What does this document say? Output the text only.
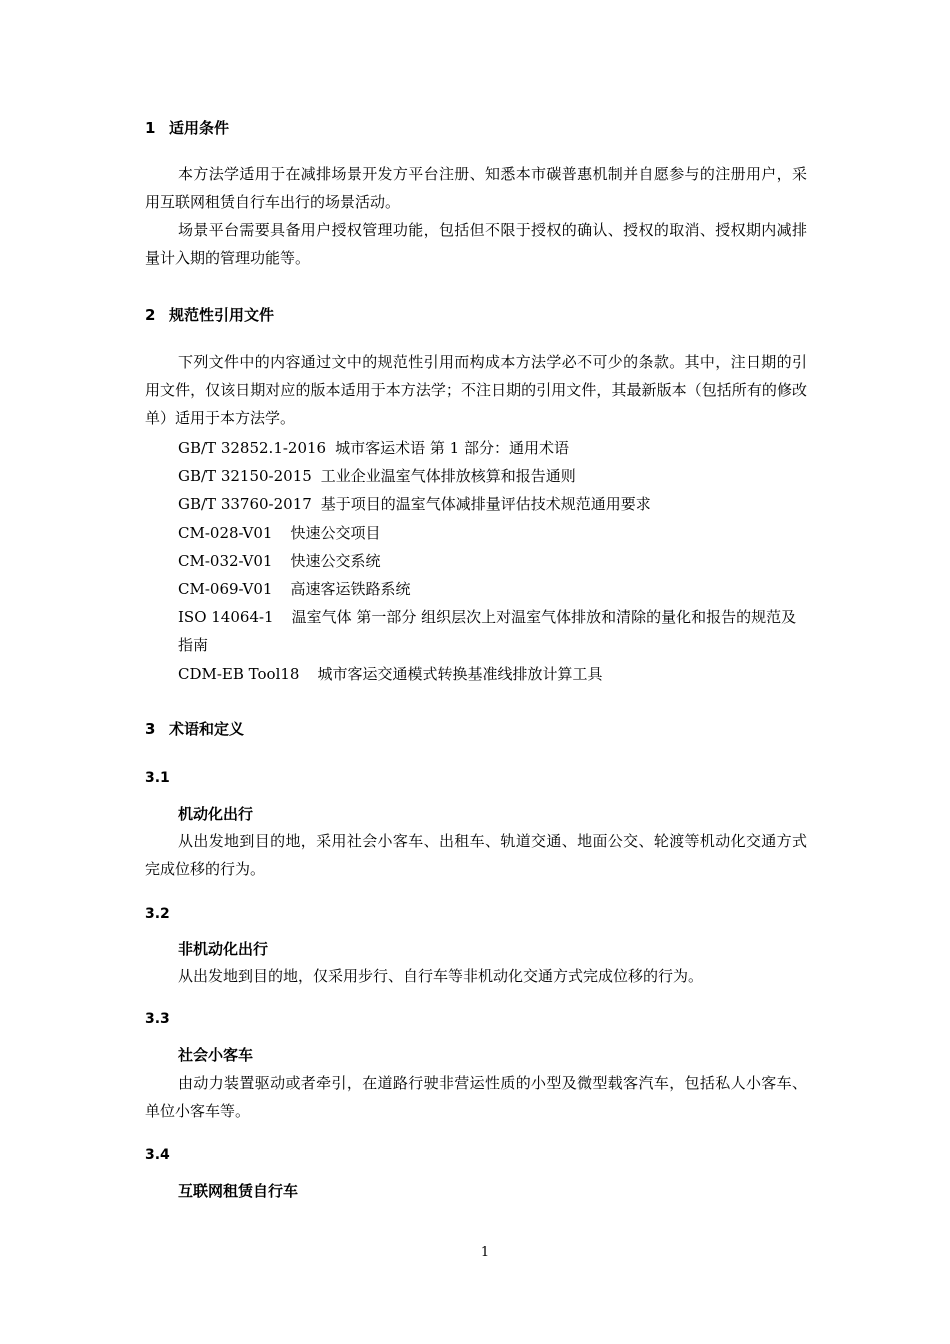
1 适用条件

本方法学适用于在减排场景开发方平台注册、知悉本市碳普惠机制并自愿参与的注册用户，采用互联网租赁自行车出行的场景活动。

场景平台需要具备用户授权管理功能，包括但不限于授权的确认、授权的取消、授权期内减排量计入期的管理功能等。

2 规范性引用文件

下列文件中的内容通过文中的规范性引用而构成本方法学必不可少的条款。其中，注日期的引用文件，仅该日期对应的版本适用于本方法学；不注日期的引用文件，其最新版本（包括所有的修改单）适用于本方法学。

GB/T 32852.1-2016 城市客运术语 第 1 部分：通用术语
GB/T 32150-2015 工业企业温室气体排放核算和报告通则
GB/T 33760-2017 基于项目的温室气体减排量评估技术规范通用要求
CM-028-V01 快速公交项目
CM-032-V01 快速公交系统
CM-069-V01 高速客运铁路系统
ISO 14064-1 温室气体 第一部分 组织层次上对温室气体排放和清除的量化和报告的规范及指南
CDM-EB Tool18 城市客运交通模式转换基准线排放计算工具
3 术语和定义
3.1
机动化出行

从出发地到目的地，采用社会小客车、出租车、轨道交通、地面公交、轮渡等机动化交通方式完成位移的行为。

3.2
非机动化出行

从出发地到目的地，仅采用步行、自行车等非机动化交通方式完成位移的行为。

3.3
社会小客车

由动力装置驱动或者牵引，在道路行驶非营运性质的小型及微型载客汽车，包括私人小客车、单位小客车等。

3.4
互联网租赁自行车
1
